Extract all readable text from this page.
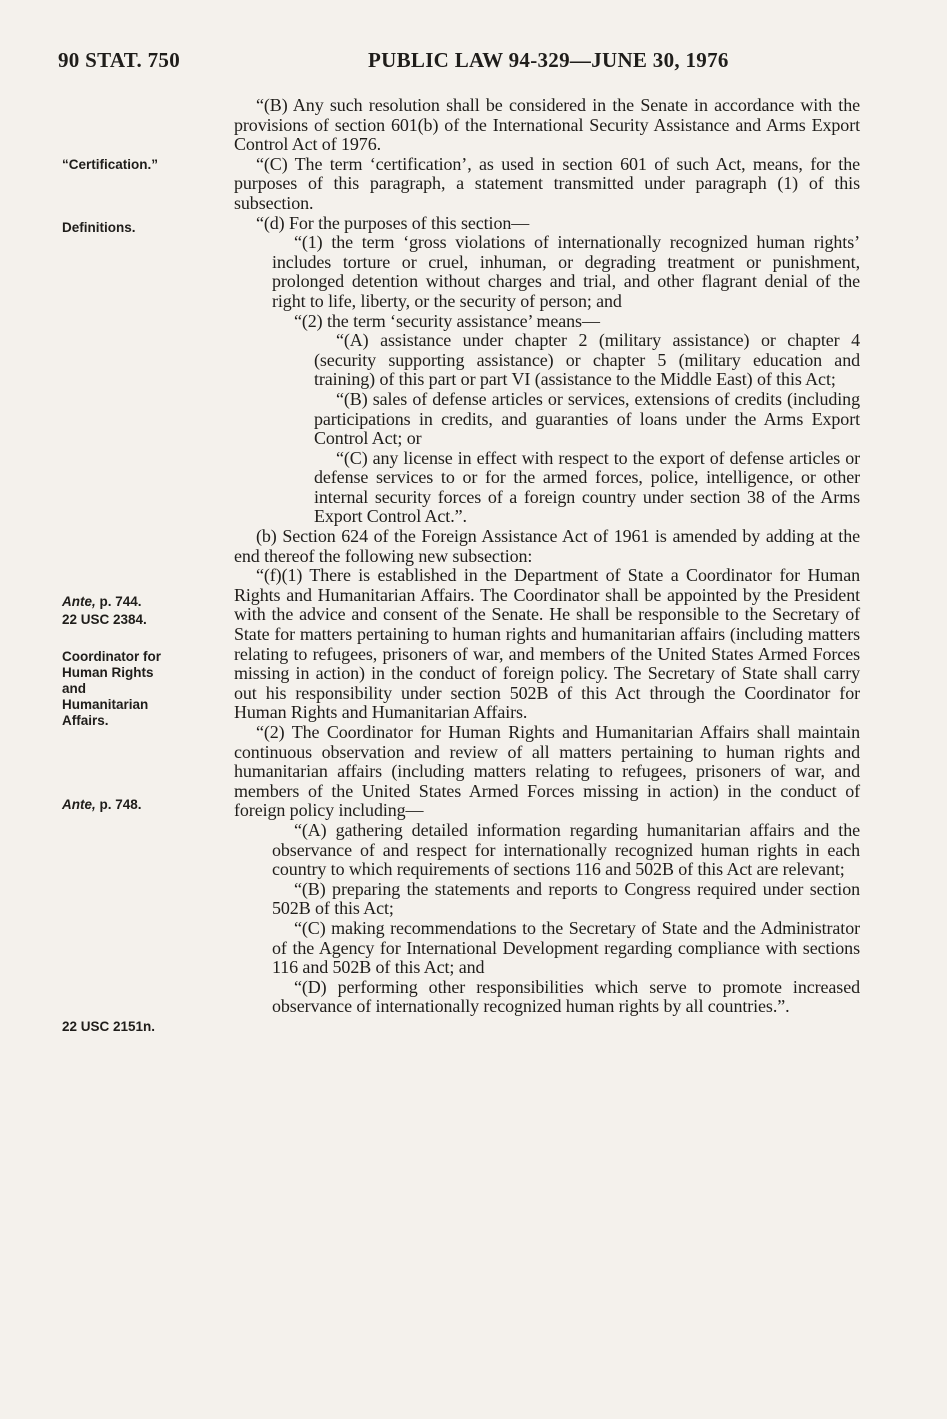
90 STAT. 750	PUBLIC LAW 94-329—JUNE 30, 1976
“Certification.”
Definitions.
Ante, p. 744.
22 USC 2384.
Coordinator for
Human Rights
and
Humanitarian
Affairs.
Ante, p. 748.
22 USC 2151n.

“(B) Any such resolution shall be considered in the Senate in accordance with the provisions of section 601(b) of the International Security Assistance and Arms Export Control Act of 1976.

“(C) The term ‘certification’, as used in section 601 of such Act, means, for the purposes of this paragraph, a statement transmitted under paragraph (1) of this subsection.

“(d) For the purposes of this section—

“(1) the term ‘gross violations of internationally recognized human rights’ includes torture or cruel, inhuman, or degrading treatment or punishment, prolonged detention without charges and trial, and other flagrant denial of the right to life, liberty, or the security of person; and

“(2) the term ‘security assistance’ means—

“(A) assistance under chapter 2 (military assistance) or chapter 4 (security supporting assistance) or chapter 5 (military education and training) of this part or part VI (assistance to the Middle East) of this Act;

“(B) sales of defense articles or services, extensions of credits (including participations in credits, and guaranties of loans under the Arms Export Control Act; or

“(C) any license in effect with respect to the export of defense articles or defense services to or for the armed forces, police, intelligence, or other internal security forces of a foreign country under section 38 of the Arms Export Control Act.”.

(b) Section 624 of the Foreign Assistance Act of 1961 is amended by adding at the end thereof the following new subsection:

“(f)(1) There is established in the Department of State a Coordinator for Human Rights and Humanitarian Affairs. The Coordinator shall be appointed by the President with the advice and consent of the Senate. He shall be responsible to the Secretary of State for matters pertaining to human rights and humanitarian affairs (including matters relating to refugees, prisoners of war, and members of the United States Armed Forces missing in action) in the conduct of foreign policy. The Secretary of State shall carry out his responsibility under section 502B of this Act through the Coordinator for Human Rights and Humanitarian Affairs.

“(2) The Coordinator for Human Rights and Humanitarian Affairs shall maintain continuous observation and review of all matters pertaining to human rights and humanitarian affairs (including matters relating to refugees, prisoners of war, and members of the United States Armed Forces missing in action) in the conduct of foreign policy including—

“(A) gathering detailed information regarding humanitarian affairs and the observance of and respect for internationally recognized human rights in each country to which requirements of sections 116 and 502B of this Act are relevant;

“(B) preparing the statements and reports to Congress required under section 502B of this Act;

“(C) making recommendations to the Secretary of State and the Administrator of the Agency for International Development regarding compliance with sections 116 and 502B of this Act; and

“(D) performing other responsibilities which serve to promote increased observance of internationally recognized human rights by all countries.”.
